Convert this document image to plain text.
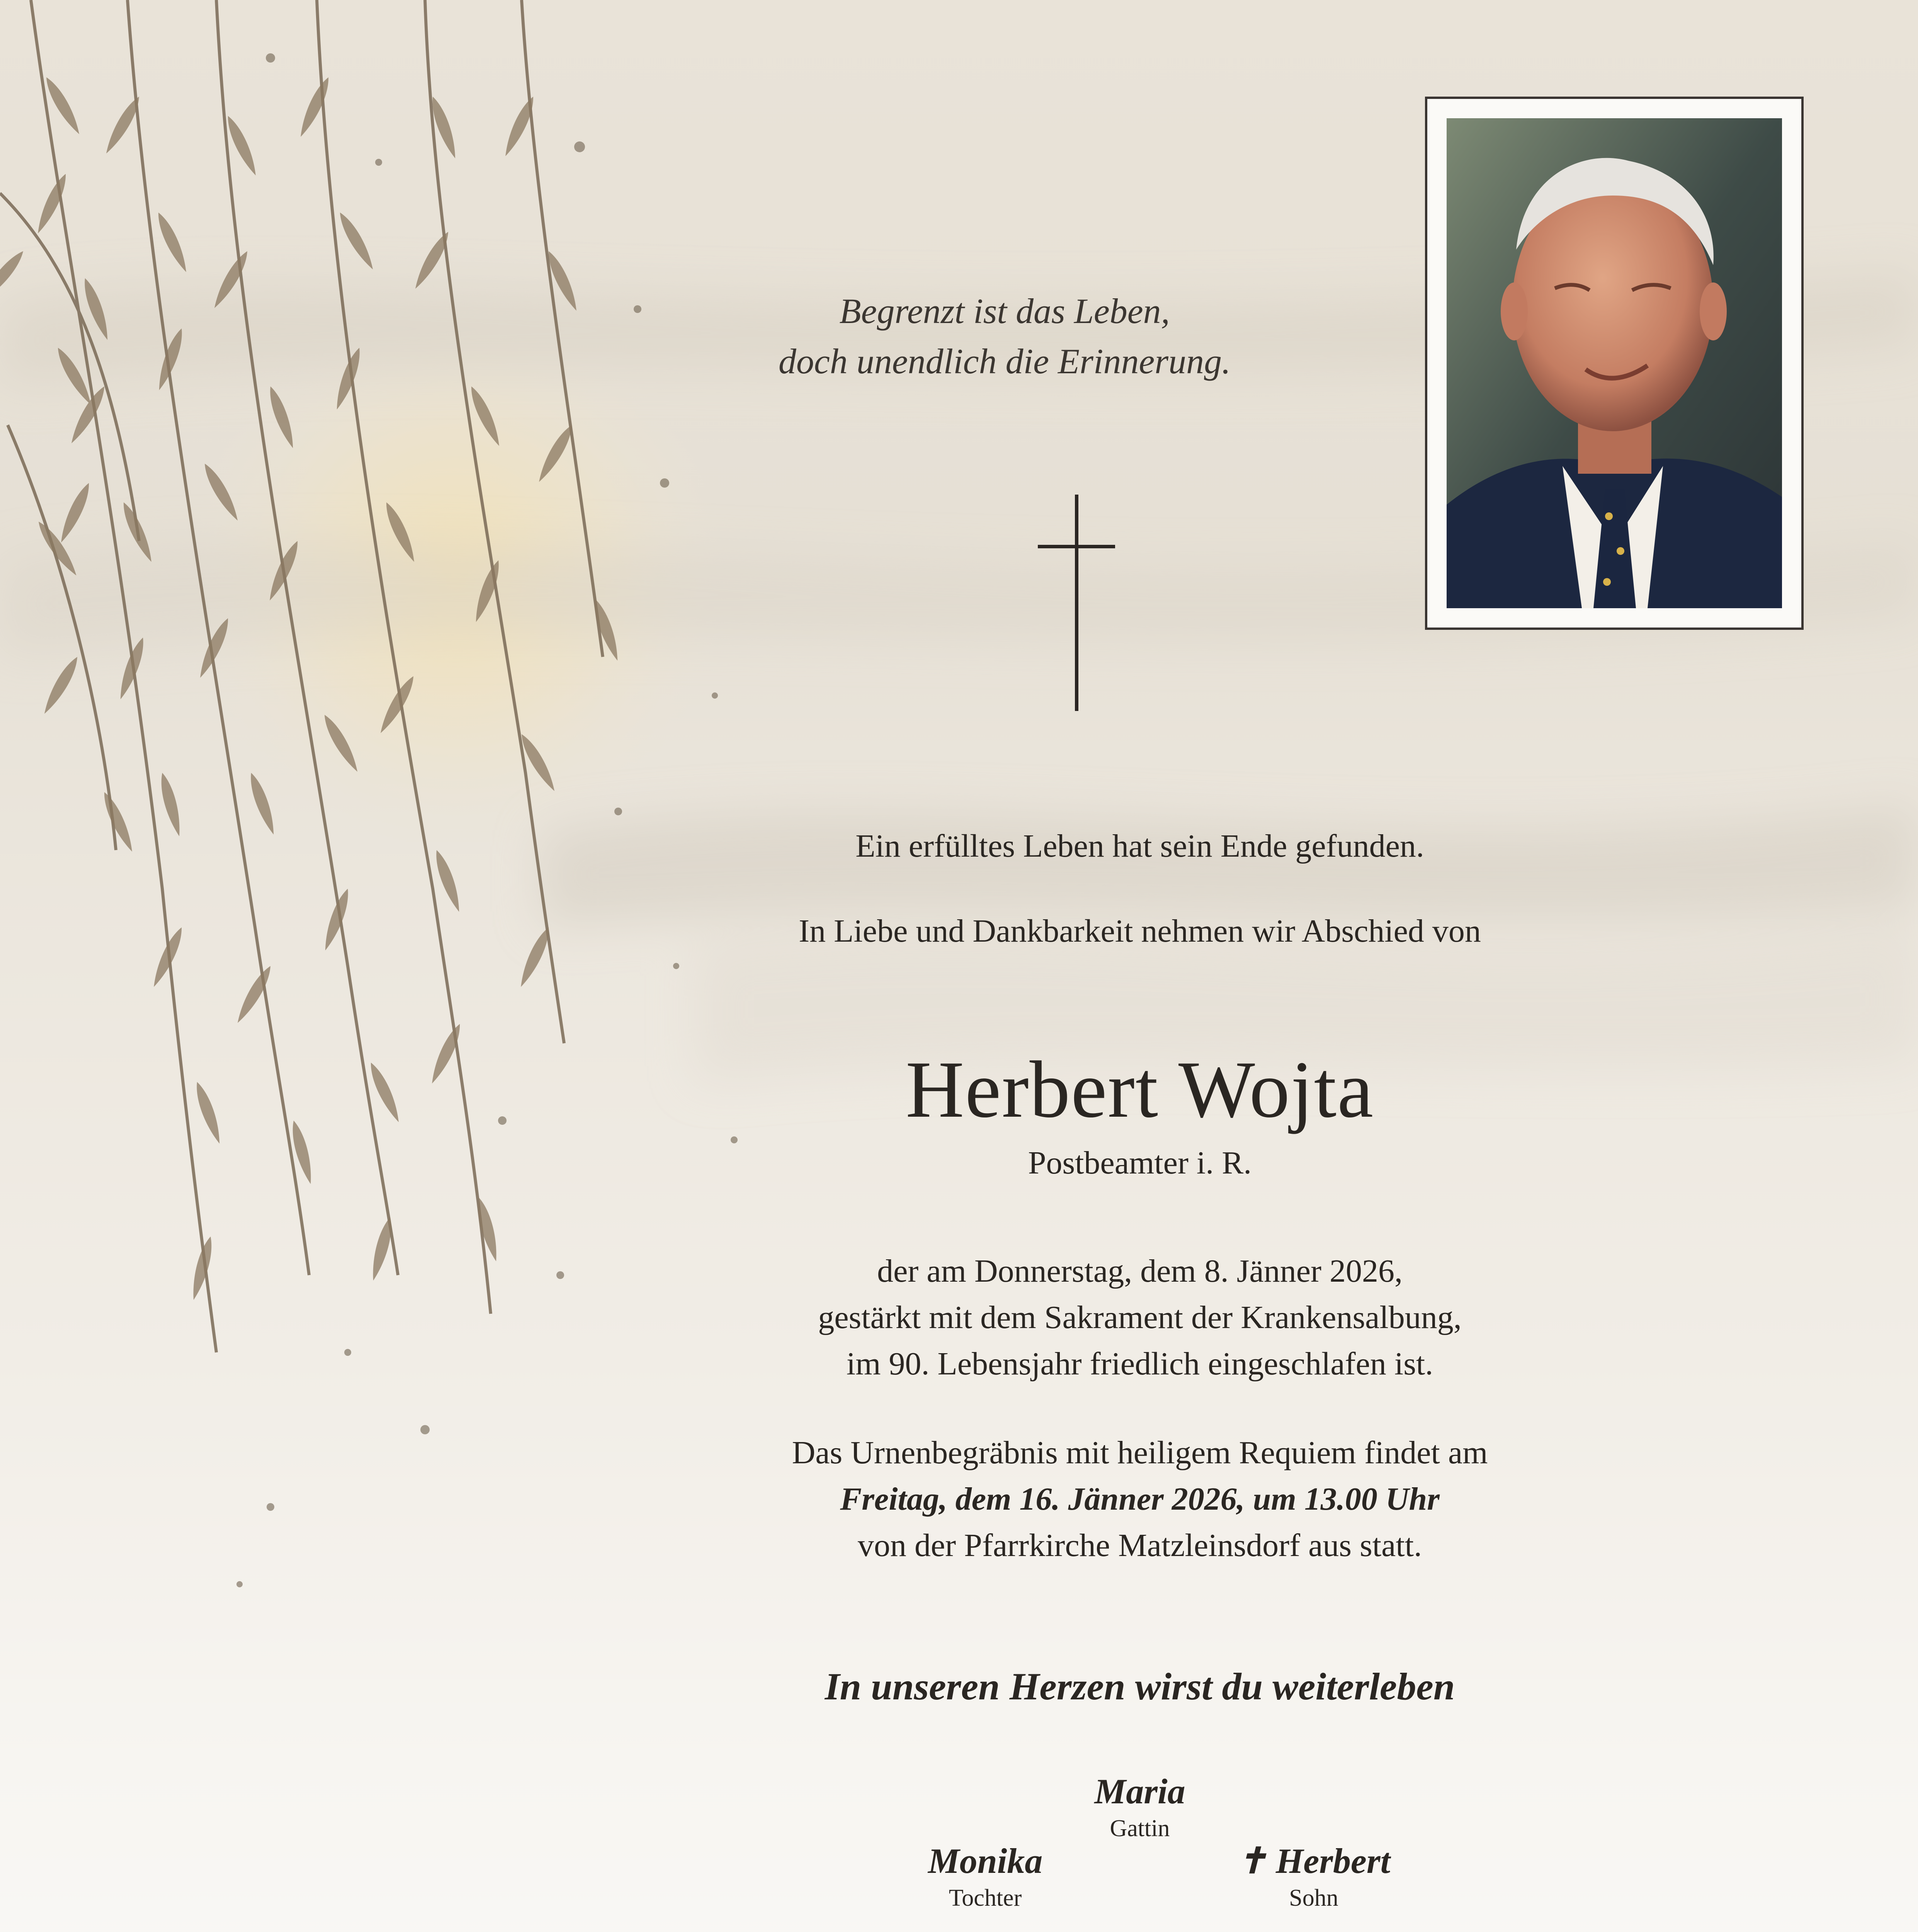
Begrenzt ist das Leben,
doch unendlich die Erinnerung.
Ein erfülltes Leben hat sein Ende gefunden.
In Liebe und Dankbarkeit nehmen wir Abschied von
Herbert Wojta
Postbeamter i. R.
der am Donnerstag, dem 8. Jänner 2026,
gestärkt mit dem Sakrament der Krankensalbung,
im 90. Lebensjahr friedlich eingeschlafen ist.
Das Urnenbegräbnis mit heiligem Requiem findet am
Freitag, dem 16. Jänner 2026, um 13.00 Uhr
von der Pfarrkirche Matzleinsdorf aus statt.
In unseren Herzen wirst du weiterleben
Maria
Gattin
Monika
Tochter
✝ Herbert
Sohn
